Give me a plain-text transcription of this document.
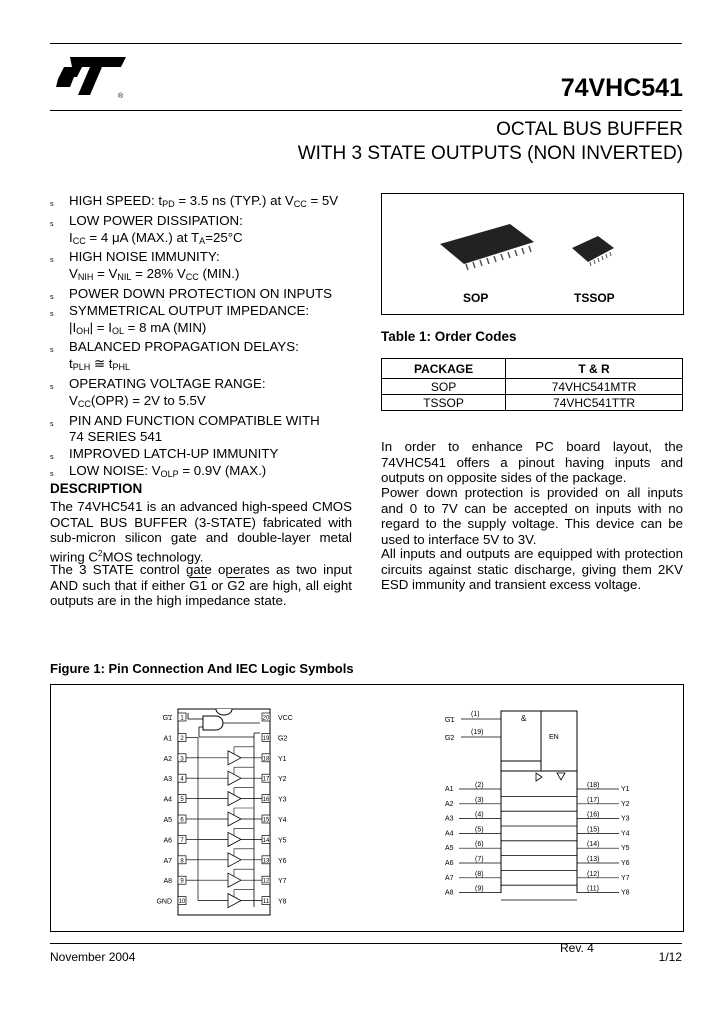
®	74VHC541
OCTAL BUS BUFFER
WITH 3 STATE OUTPUTS (NON INVERTED)
s HIGH SPEED: $t_{PD} = 3.5$ ns (TYP.) at $V_{CC} = 5V$
s LOW POWER DISSIPATION:
$I_{CC} = 4$ μA (MAX.) at $T_A=25^\circ C$
s HIGH NOISE IMMUNITY:
$V_{NIH} = V_{NIL} = 28\%$ $V_{CC}$ (MIN.)
s POWER DOWN PROTECTION ON INPUTS
s SYMMETRICAL OUTPUT IMPEDANCE:
$|I_{OH}| = I_{OL} = 8$ mA (MIN)
s BALANCED PROPAGATION DELAYS:
$t_{PLH}$ ≅ $t_{PHL}$
s OPERATING VOLTAGE RANGE:
$V_{CC}(OPR) = 2V$ to 5.5V
s PIN AND FUNCTION COMPATIBLE WITH
74 SERIES 541
s IMPROVED LATCH-UP IMMUNITY
s LOW NOISE: $V_{OLP} = 0.9V$ (MAX.)
SOP	TSSOP
Table 1: Order Codes
PACKAGE	T & R
SOP	74VHC541MTR
TSSOP	74VHC541TTR
DESCRIPTION
The 74VHC541 is an advanced high-speed CMOS OCTAL BUS BUFFER (3-STATE) fabricated with sub-micron silicon gate and double-layer metal wiring $C^2MOS$ technology.
The 3 STATE control gate operates as two input AND such that if either G1 or G2 are high, all eight outputs are in the high impedance state.
In order to enhance PC board layout, the 74VHC541 offers a pinout having inputs and outputs on opposite sides of the package.
Power down protection is provided on all inputs and 0 to 7V can be accepted on inputs with no regard to the supply voltage. This device can be used to interface 5V to 3V.
All inputs and outputs are equipped with protection circuits against static discharge, giving them 2KV ESD immunity and transient excess voltage.
Figure 1: Pin Connection And IEC Logic Symbols
1	20
G1	VCC
2	19
A1	G2
3	18
A2	Y1
4	17
A3	Y2
5	16
A4	Y3
6	15
A5	Y4
7	14
A6	Y5
8	13
A7	Y6
9	12
A8	Y7
10	11
GND	Y8
G1
G2
(1)
(19)
&
EN
A1
(2)	(18)
Y1
A2
(3)	(17)
Y2
A3
(4)	(16)
Y3
A4
(5)	(15)
Y4
A5
(6)	(14)
Y5
A6
(7)	(13)
Y6
A7
(8)	(12)
Y7
A8
(9)	(11)
Y8
November 2004
Rev. 4
1/12
